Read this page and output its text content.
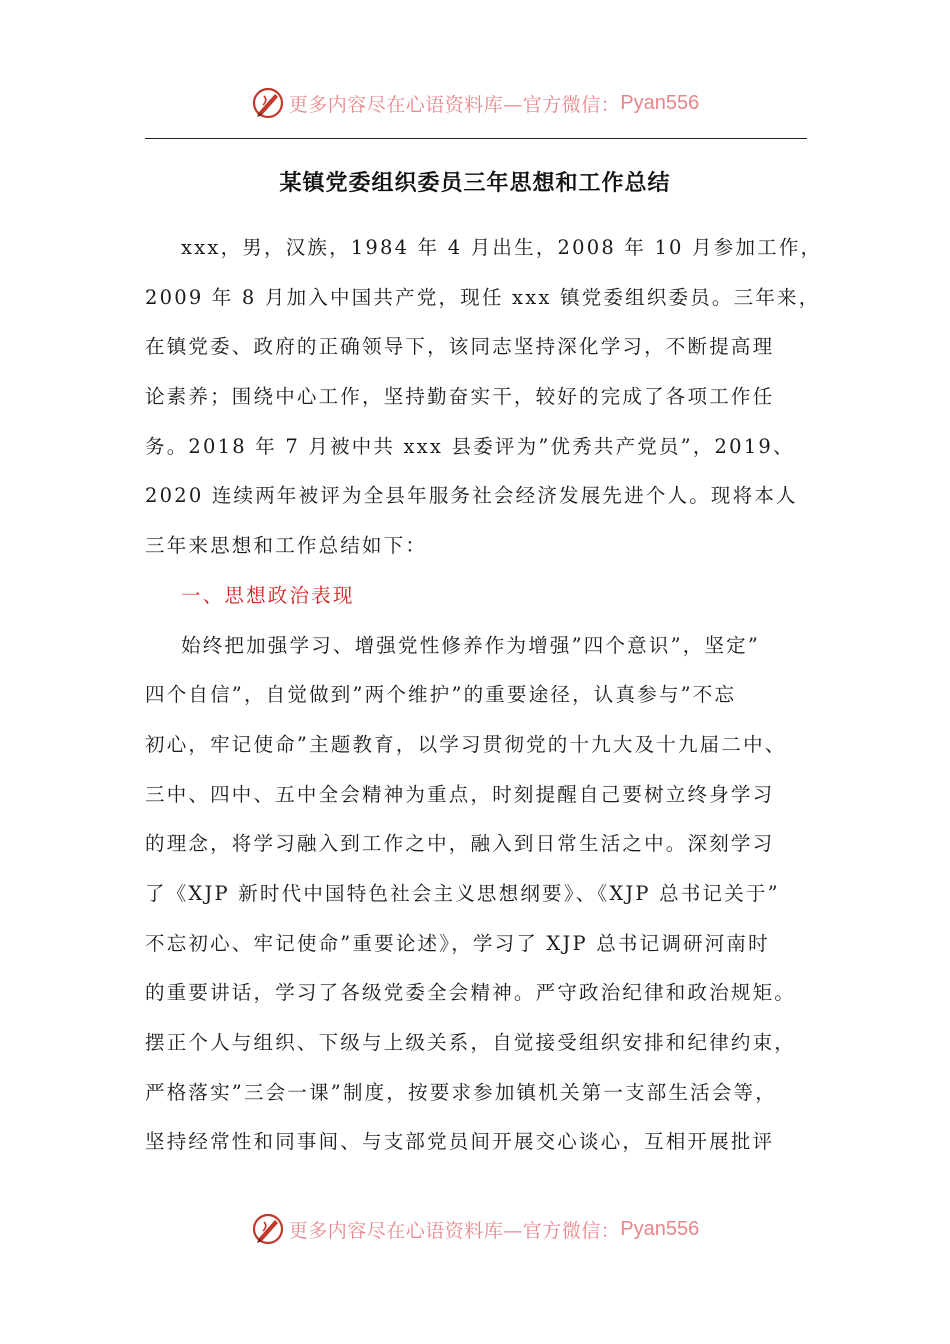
更多内容尽在心语资料库—官方微信： Pyan556
某镇党委组织委员三年思想和工作总结
xxx，男，汉族，1984 年 4 月出生，2008 年 10 月参加工作，
2009 年 8 月加入中国共产党，现任 xxx 镇党委组织委员。三年来，
在镇党委、政府的正确领导下，该同志坚持深化学习，不断提高理
论素养；围绕中心工作，坚持勤奋实干，较好的完成了各项工作任
务。2018 年 7 月被中共 xxx 县委评为”优秀共产党员”，2019、
2020 连续两年被评为全县年服务社会经济发展先进个人。现将本人
三年来思想和工作总结如下：
一、思想政治表现
始终把加强学习、增强党性修养作为增强”四个意识”，坚定”
四个自信”，自觉做到”两个维护”的重要途径，认真参与”不忘
初心，牢记使命”主题教育，以学习贯彻党的十九大及十九届二中、
三中、四中、五中全会精神为重点，时刻提醒自己要树立终身学习
的理念，将学习融入到工作之中，融入到日常生活之中。深刻学习
了《XJP 新时代中国特色社会主义思想纲要》、《XJP 总书记关于”
不忘初心、牢记使命”重要论述》，学习了 XJP 总书记调研河南时
的重要讲话，学习了各级党委全会精神。严守政治纪律和政治规矩。
摆正个人与组织、下级与上级关系，自觉接受组织安排和纪律约束，
严格落实”三会一课”制度，按要求参加镇机关第一支部生活会等，
坚持经常性和同事间、与支部党员间开展交心谈心，互相开展批评
更多内容尽在心语资料库—官方微信： Pyan556
